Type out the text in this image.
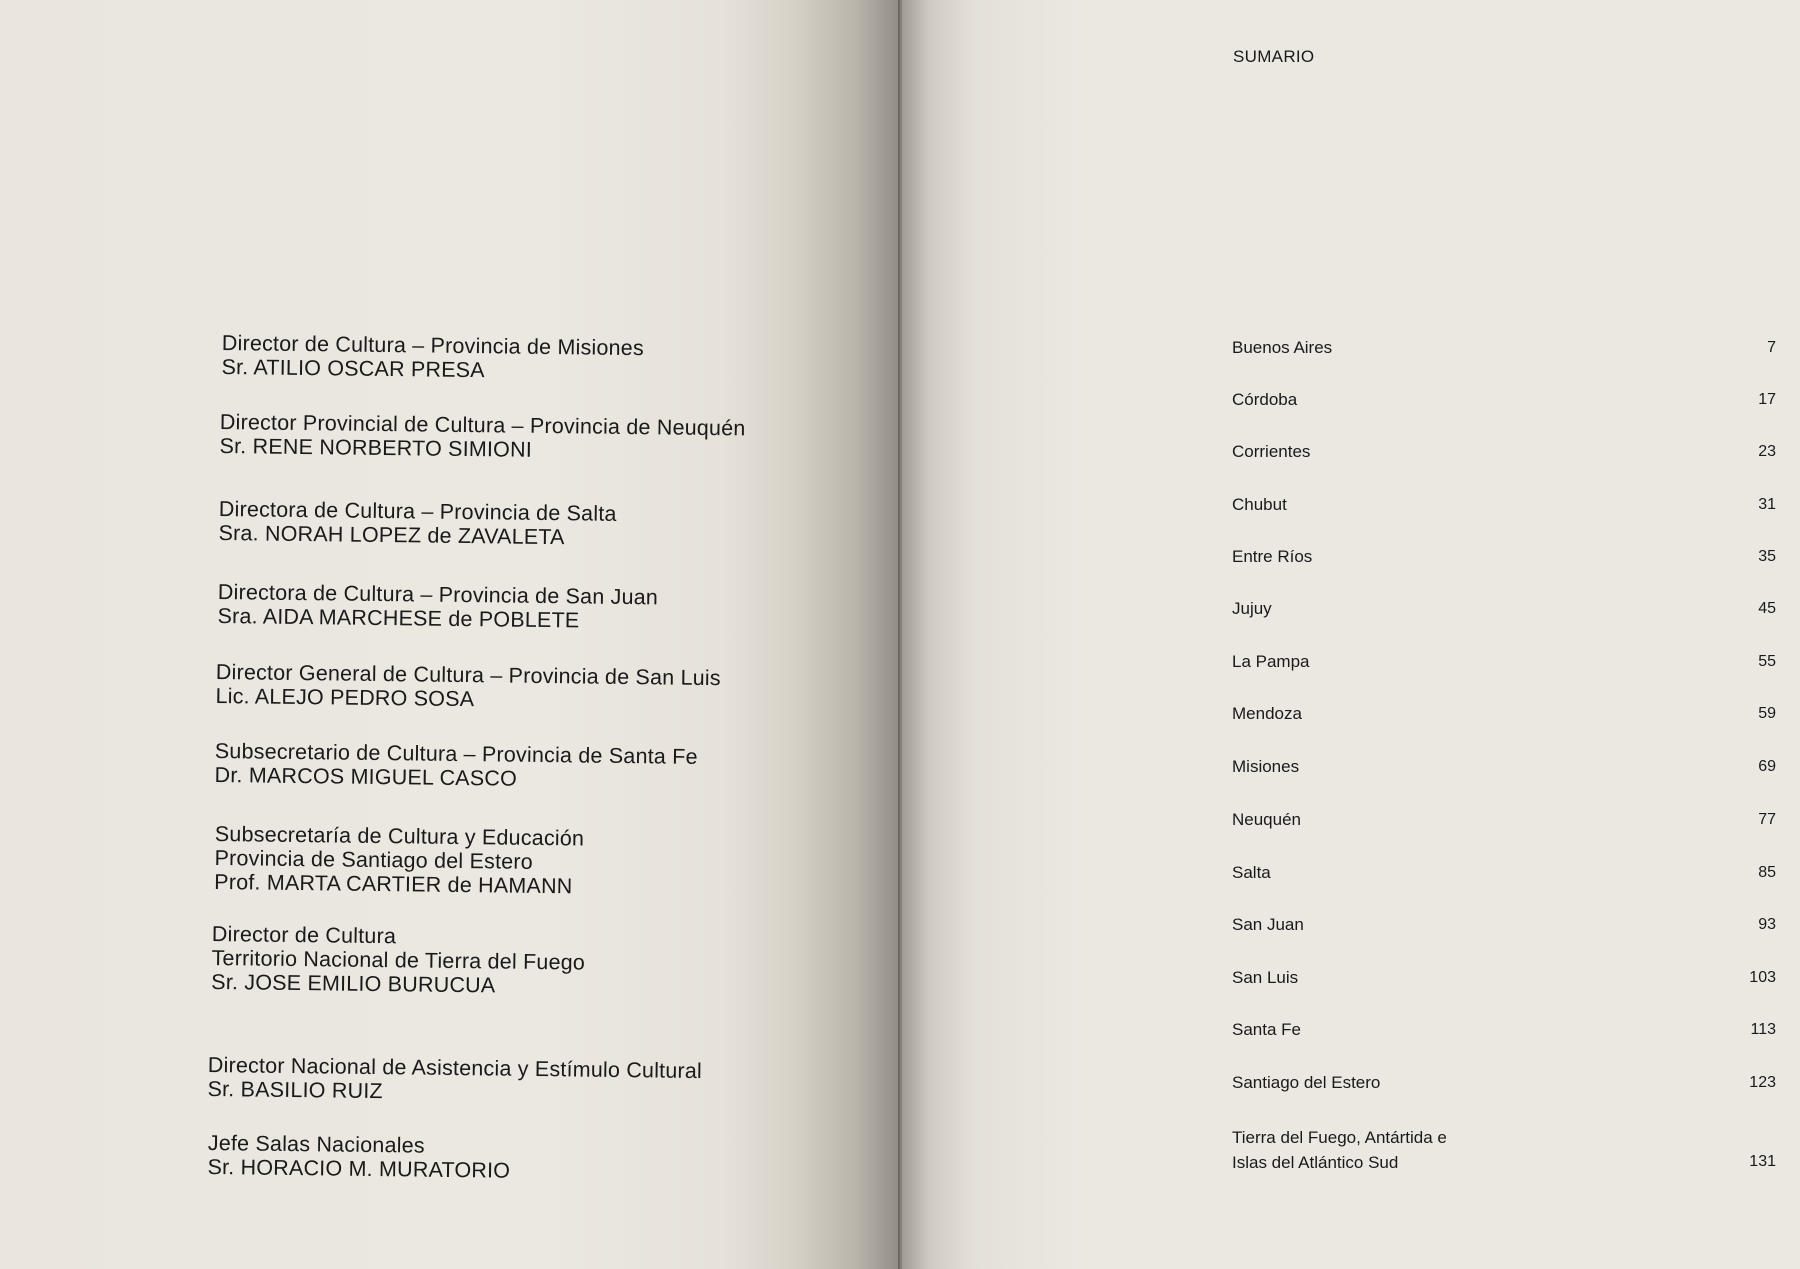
Director de Cultura – Provincia de Misiones
Sr. ATILIO OSCAR PRESA
Director Provincial de Cultura – Provincia de Neuquén
Sr. RENE NORBERTO SIMIONI
Directora de Cultura – Provincia de Salta
Sra. NORAH LOPEZ de ZAVALETA
Directora de Cultura – Provincia de San Juan
Sra. AIDA MARCHESE de POBLETE
Director General de Cultura – Provincia de San Luis
Lic. ALEJO PEDRO SOSA
Subsecretario de Cultura – Provincia de Santa Fe
Dr. MARCOS MIGUEL CASCO
Subsecretaría de Cultura y Educación
Provincia de Santiago del Estero
Prof. MARTA CARTIER de HAMANN
Director de Cultura
Territorio Nacional de Tierra del Fuego
Sr. JOSE EMILIO BURUCUA
Director Nacional de Asistencia y Estímulo Cultural
Sr. BASILIO RUIZ
Jefe Salas Nacionales
Sr. HORACIO M. MURATORIO
SUMARIO
Buenos Aires	7
Córdoba	17
Corrientes	23
Chubut	31
Entre Ríos	35
Jujuy	45
La Pampa	55
Mendoza	59
Misiones	69
Neuquén	77
Salta	85
San Juan	93
San Luis	103
Santa Fe	113
Santiago del Estero	123
Tierra del Fuego, Antártida e
Islas del Atlántico Sud	131
